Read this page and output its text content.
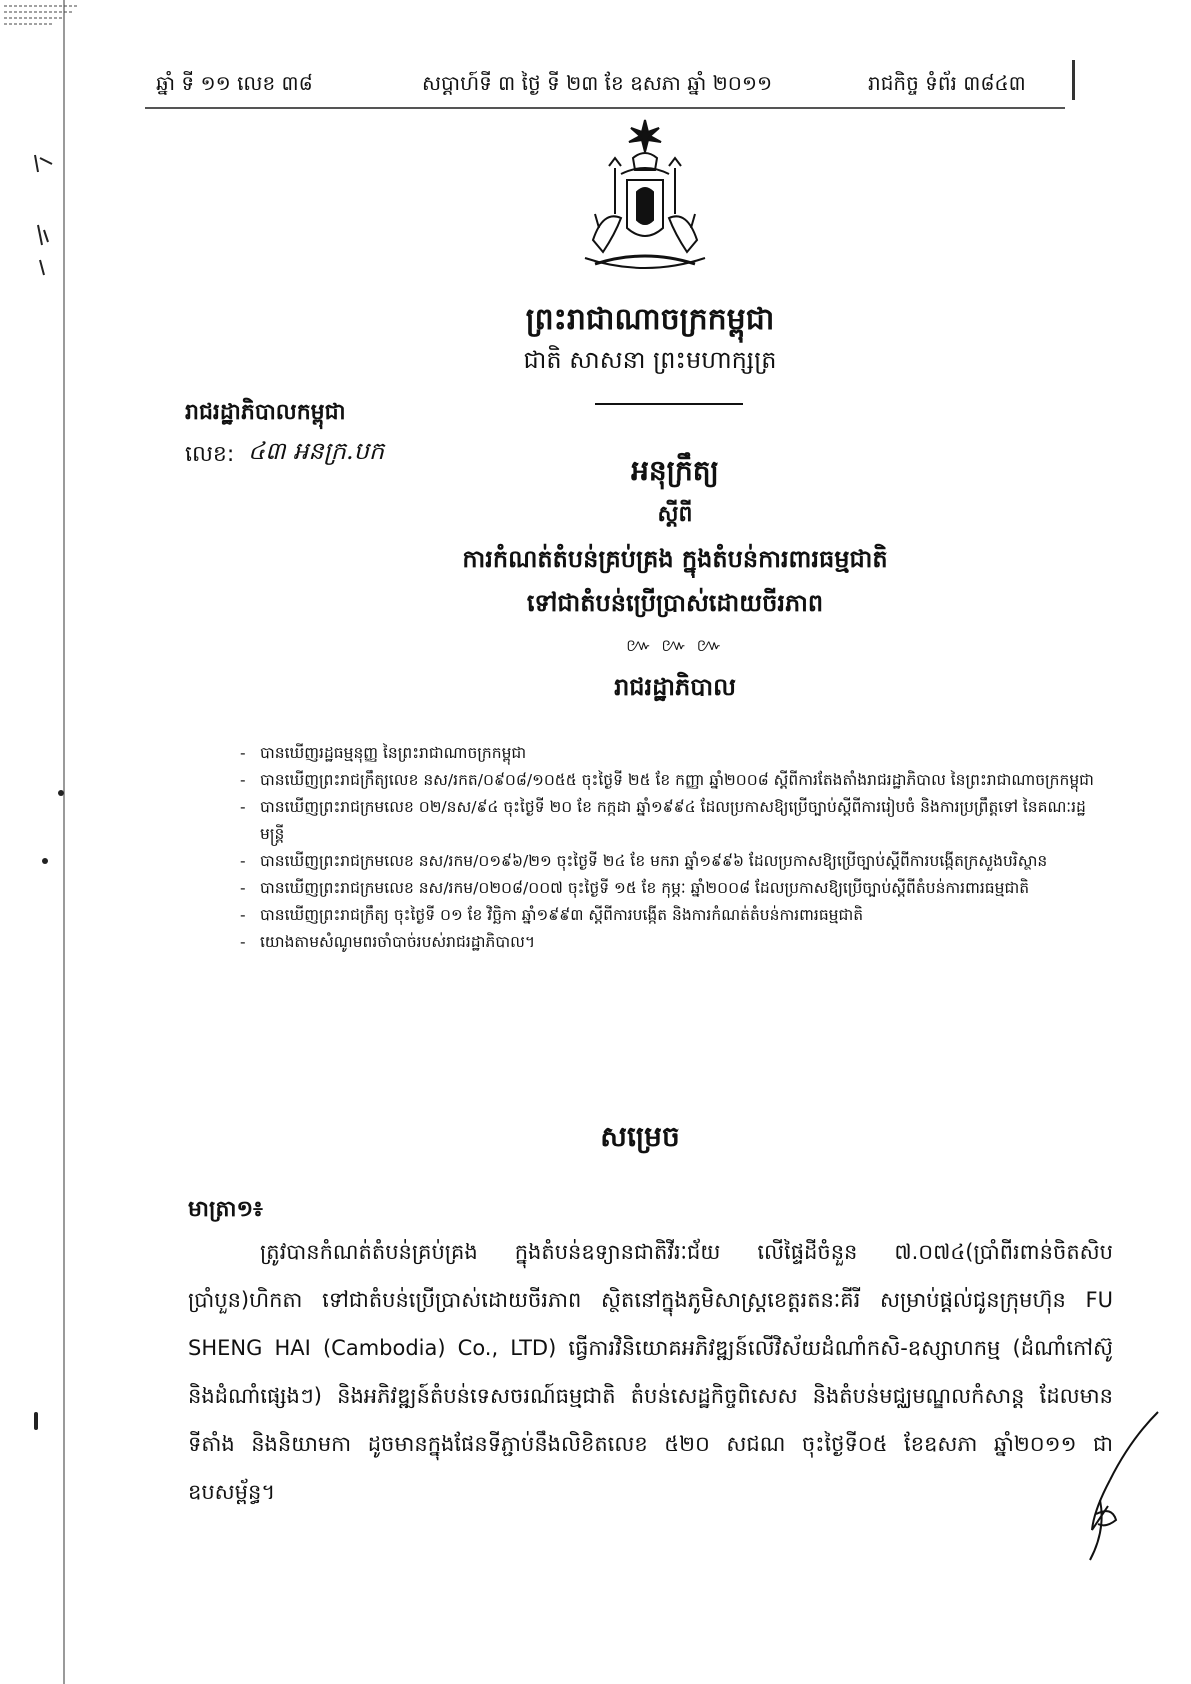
ឆ្នាំ ទី ១១ លេខ ៣៨	សប្តាហ៍ទី ៣ ថ្ងៃ ទី ២៣ ខែ ឧសភា ឆ្នាំ ២០១១	រាជកិច្ច ទំព័រ ៣៨៤៣
ព្រះរាជាណាចក្រកម្ពុជា
ជាតិ សាសនា ព្រះមហាក្សត្រ
រាជរដ្ឋាភិបាលកម្ពុជា
លេខ: ៤៣ អនក្រ.បក
អនុក្រឹត្យ
ស្តីពី
ការកំណត់តំបន់គ្រប់គ្រង ក្នុងតំបន់ការពារធម្មជាតិ
ទៅជាតំបន់ប្រើប្រាស់ដោយចីរភាព
៚ ៚ ៚
រាជរដ្ឋាភិបាល
- បានឃើញរដ្ឋធម្មនុញ្ញ នៃព្រះរាជាណាចក្រកម្ពុជា
- បានឃើញព្រះរាជក្រឹត្យលេខ នស/រកត/០៩០៨/១០៥៥ ចុះថ្ងៃទី ២៥ ខែ កញ្ញា ឆ្នាំ២០០៨ ស្តីពីការតែងតាំងរាជរដ្ឋាភិបាល នៃព្រះរាជាណាចក្រកម្ពុជា
- បានឃើញព្រះរាជក្រមលេខ ០២/នស/៩៤ ចុះថ្ងៃទី ២០ ខែ កក្កដា ឆ្នាំ១៩៩៤ ដែលប្រកាសឱ្យប្រើច្បាប់ស្តីពីការរៀបចំ និងការប្រព្រឹត្តទៅ នៃគណៈរដ្ឋមន្ត្រី
- បានឃើញព្រះរាជក្រមលេខ នស/រកម/០១៩៦/២១ ចុះថ្ងៃទី ២៤ ខែ មករា ឆ្នាំ១៩៩៦ ដែលប្រកាសឱ្យប្រើច្បាប់ស្តីពីការបង្កើតក្រសួងបរិស្ថាន
- បានឃើញព្រះរាជក្រមលេខ នស/រកម/០២០៨/០០៧ ចុះថ្ងៃទី ១៥ ខែ កុម្ភៈ ឆ្នាំ២០០៨ ដែលប្រកាសឱ្យប្រើច្បាប់ស្តីពីតំបន់ការពារធម្មជាតិ
- បានឃើញព្រះរាជក្រឹត្យ ចុះថ្ងៃទី ០១ ខែ វិច្ឆិកា ឆ្នាំ១៩៩៣ ស្តីពីការបង្កើត និងការកំណត់តំបន់ការពារធម្មជាតិ
- យោងតាមសំណូមពរចាំបាច់របស់រាជរដ្ឋាភិបាល។
សម្រេច
មាត្រា១៖
ត្រូវបានកំណត់តំបន់គ្រប់គ្រង ក្នុងតំបន់ឧទ្យានជាតិវីរៈជ័យ លើផ្ទៃដីចំនួន ៧.០៧៤(ប្រាំពីរពាន់ចិតសិបប្រាំបួន)ហិកតា ទៅជាតំបន់ប្រើប្រាស់ដោយចីរភាព ស្ថិតនៅក្នុងភូមិសាស្ត្រខេត្តរតនៈគីរី សម្រាប់ផ្តល់ជូនក្រុមហ៊ុន FU SHENG HAI (Cambodia) Co., LTD) ធ្វើការវិនិយោគអភិវឌ្ឍន៍លើវិស័យដំណាំកសិ-ឧស្សាហកម្ម (ដំណាំកៅស៊ូ និងដំណាំផ្សេងៗ) និងអភិវឌ្ឍន៍តំបន់ទេសចរណ៍ធម្មជាតិ តំបន់សេដ្ឋកិច្ចពិសេស និងតំបន់មជ្ឈមណ្ឌលកំសាន្ត ដែលមានទីតាំង និងនិយាមកា ដូចមានក្នុងផែនទីភ្ជាប់នឹងលិខិតលេខ ៥២០ សជណ ចុះថ្ងៃទី០៥ ខែឧសភា ឆ្នាំ២០១១ ជាឧបសម្ព័ន្ធ។
